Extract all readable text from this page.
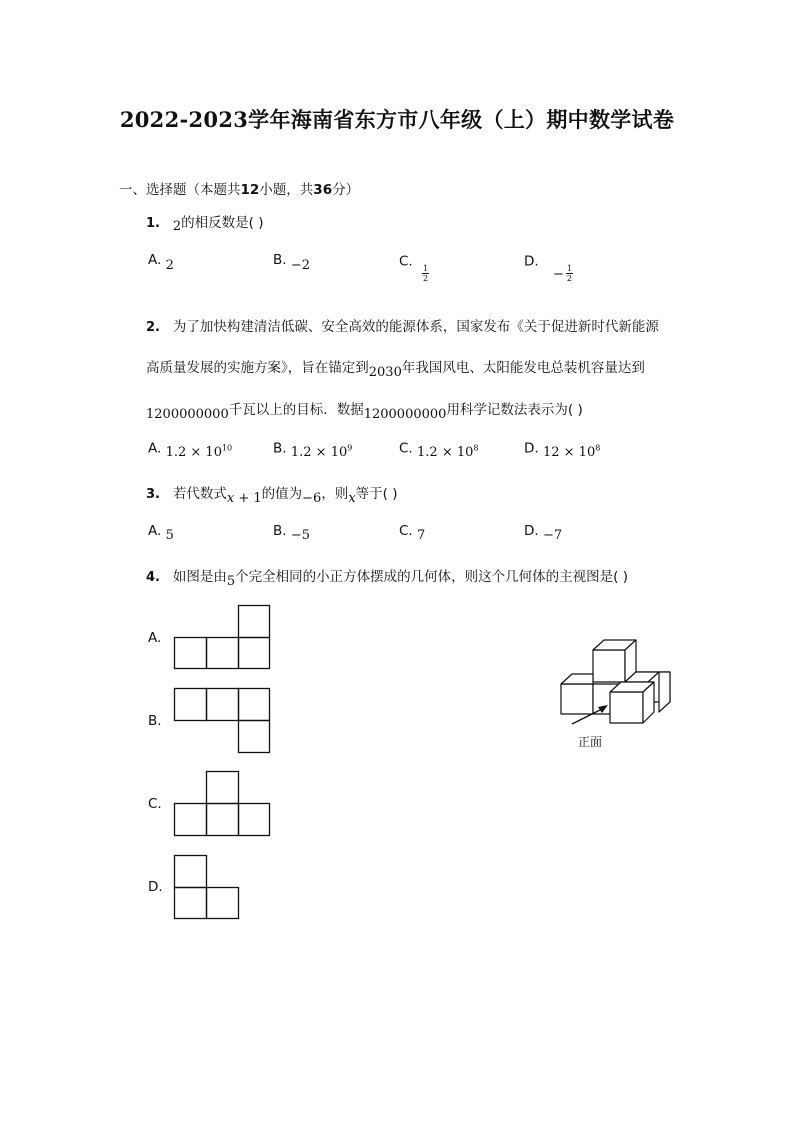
2022-2023学年海南省东方市八年级（上）期中数学试卷
一、选择题（本题共12小题，共36分）
1. 2的相反数是( )
A. 2	B. −2	C.
$\frac{1}{2}$
D. − $\frac{1}{2}$
2. 为了加快构建清洁低碳、安全高效的能源体系，国家发布《关于促进新时代新能源
高质量发展的实施方案》，旨在锚定到2030年我国风电、太阳能发电总装机容量达到
1200000000千瓦以上的目标．数据1200000000用科学记数法表示为( )
A. $1.2 \times 10^{10}$	B. $1.2 \times 10^9$	C. $1.2 \times 10^8$	D. $12 \times 10^8$
3. 若代数式x + 1的值为−6，则x等于( )
A. 5	B. −5	C. 7	D. −7
4. 如图是由5个完全相同的小正方体摆成的几何体，则这个几何体的主视图是( )
A.
B.
C.
D.
正面
